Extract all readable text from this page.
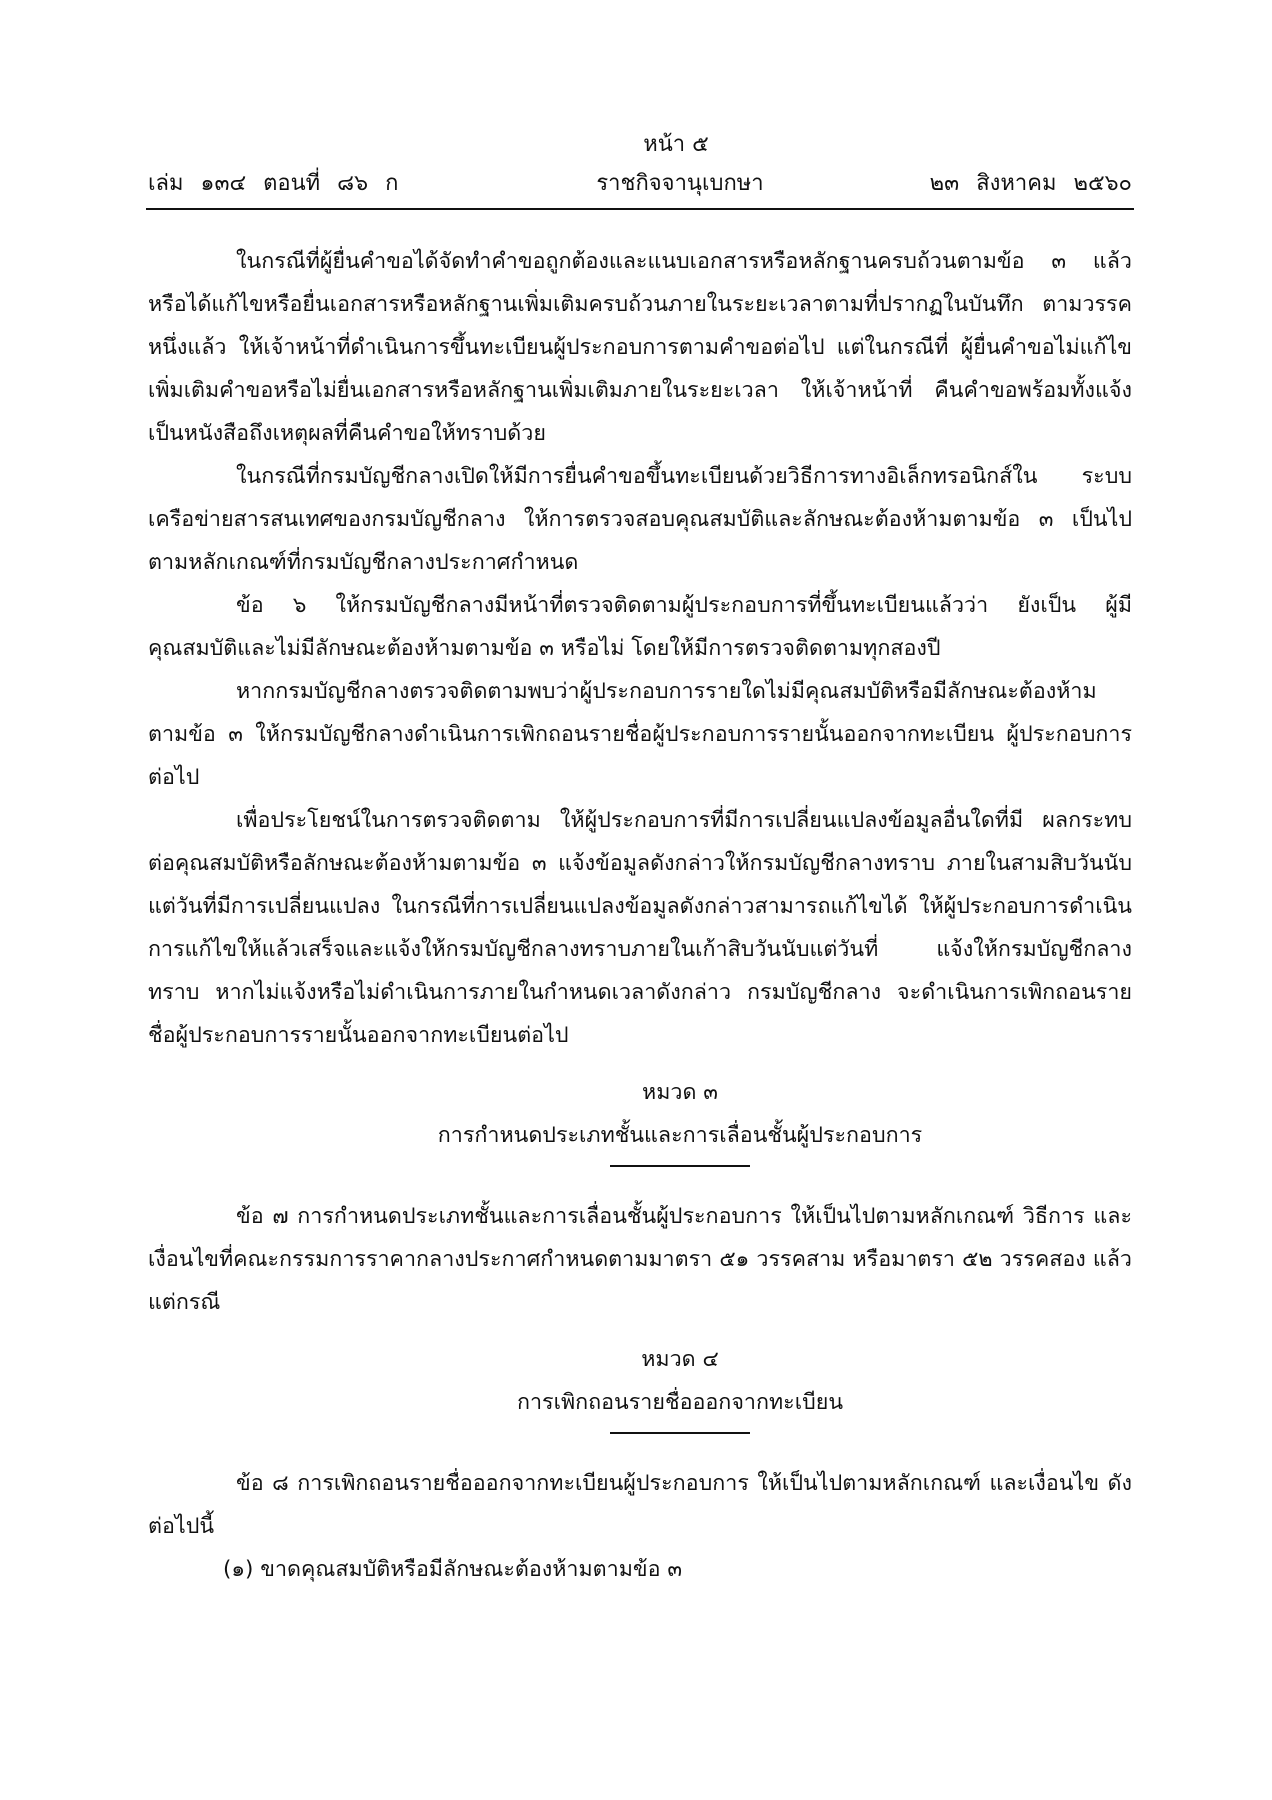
หน้า ๕
เล่ม ๑๓๔ ตอนที่ ๘๖ ก	ราชกิจจานุเบกษา	๒๓ สิงหาคม ๒๕๖๐

ในกรณีที่ผู้ยื่นคำขอได้จัดทำคำขอถูกต้องและแนบเอกสารหรือหลักฐานครบถ้วนตามข้อ ๓ แล้ว หรือได้แก้ไขหรือยื่นเอกสารหรือหลักฐานเพิ่มเติมครบถ้วนภายในระยะเวลาตามที่ปรากฏในบันทึก ตามวรรคหนึ่งแล้ว ให้เจ้าหน้าที่ดำเนินการขึ้นทะเบียนผู้ประกอบการตามคำขอต่อไป แต่ในกรณีที่ ผู้ยื่นคำขอไม่แก้ไขเพิ่มเติมคำขอหรือไม่ยื่นเอกสารหรือหลักฐานเพิ่มเติมภายในระยะเวลา ให้เจ้าหน้าที่ คืนคำขอพร้อมทั้งแจ้งเป็นหนังสือถึงเหตุผลที่คืนคำขอให้ทราบด้วย

ในกรณีที่กรมบัญชีกลางเปิดให้มีการยื่นคำขอขึ้นทะเบียนด้วยวิธีการทางอิเล็กทรอนิกส์ใน ระบบเครือข่ายสารสนเทศของกรมบัญชีกลาง ให้การตรวจสอบคุณสมบัติและลักษณะต้องห้ามตามข้อ ๓ เป็นไปตามหลักเกณฑ์ที่กรมบัญชีกลางประกาศกำหนด

ข้อ ๖ ให้กรมบัญชีกลางมีหน้าที่ตรวจติดตามผู้ประกอบการที่ขึ้นทะเบียนแล้วว่า ยังเป็น ผู้มีคุณสมบัติและไม่มีลักษณะต้องห้ามตามข้อ ๓ หรือไม่ โดยให้มีการตรวจติดตามทุกสองปี

หากกรมบัญชีกลางตรวจติดตามพบว่าผู้ประกอบการรายใดไม่มีคุณสมบัติหรือมีลักษณะต้องห้าม ตามข้อ ๓ ให้กรมบัญชีกลางดำเนินการเพิกถอนรายชื่อผู้ประกอบการรายนั้นออกจากทะเบียน ผู้ประกอบการต่อไป

เพื่อประโยชน์ในการตรวจติดตาม ให้ผู้ประกอบการที่มีการเปลี่ยนแปลงข้อมูลอื่นใดที่มี ผลกระทบต่อคุณสมบัติหรือลักษณะต้องห้ามตามข้อ ๓ แจ้งข้อมูลดังกล่าวให้กรมบัญชีกลางทราบ ภายในสามสิบวันนับแต่วันที่มีการเปลี่ยนแปลง ในกรณีที่การเปลี่ยนแปลงข้อมูลดังกล่าวสามารถแก้ไขได้ ให้ผู้ประกอบการดำเนินการแก้ไขให้แล้วเสร็จและแจ้งให้กรมบัญชีกลางทราบภายในเก้าสิบวันนับแต่วันที่ แจ้งให้กรมบัญชีกลางทราบ หากไม่แจ้งหรือไม่ดำเนินการภายในกำหนดเวลาดังกล่าว กรมบัญชีกลาง จะดำเนินการเพิกถอนรายชื่อผู้ประกอบการรายนั้นออกจากทะเบียนต่อไป

หมวด ๓

การกำหนดประเภทชั้นและการเลื่อนชั้นผู้ประกอบการ

ข้อ ๗ การกำหนดประเภทชั้นและการเลื่อนชั้นผู้ประกอบการ ให้เป็นไปตามหลักเกณฑ์ วิธีการ และเงื่อนไขที่คณะกรรมการราคากลางประกาศกำหนดตามมาตรา ๕๑ วรรคสาม หรือมาตรา ๕๒ วรรคสอง แล้วแต่กรณี

หมวด ๔

การเพิกถอนรายชื่อออกจากทะเบียน

ข้อ ๘ การเพิกถอนรายชื่อออกจากทะเบียนผู้ประกอบการ ให้เป็นไปตามหลักเกณฑ์ และเงื่อนไข ดังต่อไปนี้

(๑) ขาดคุณสมบัติหรือมีลักษณะต้องห้ามตามข้อ ๓
